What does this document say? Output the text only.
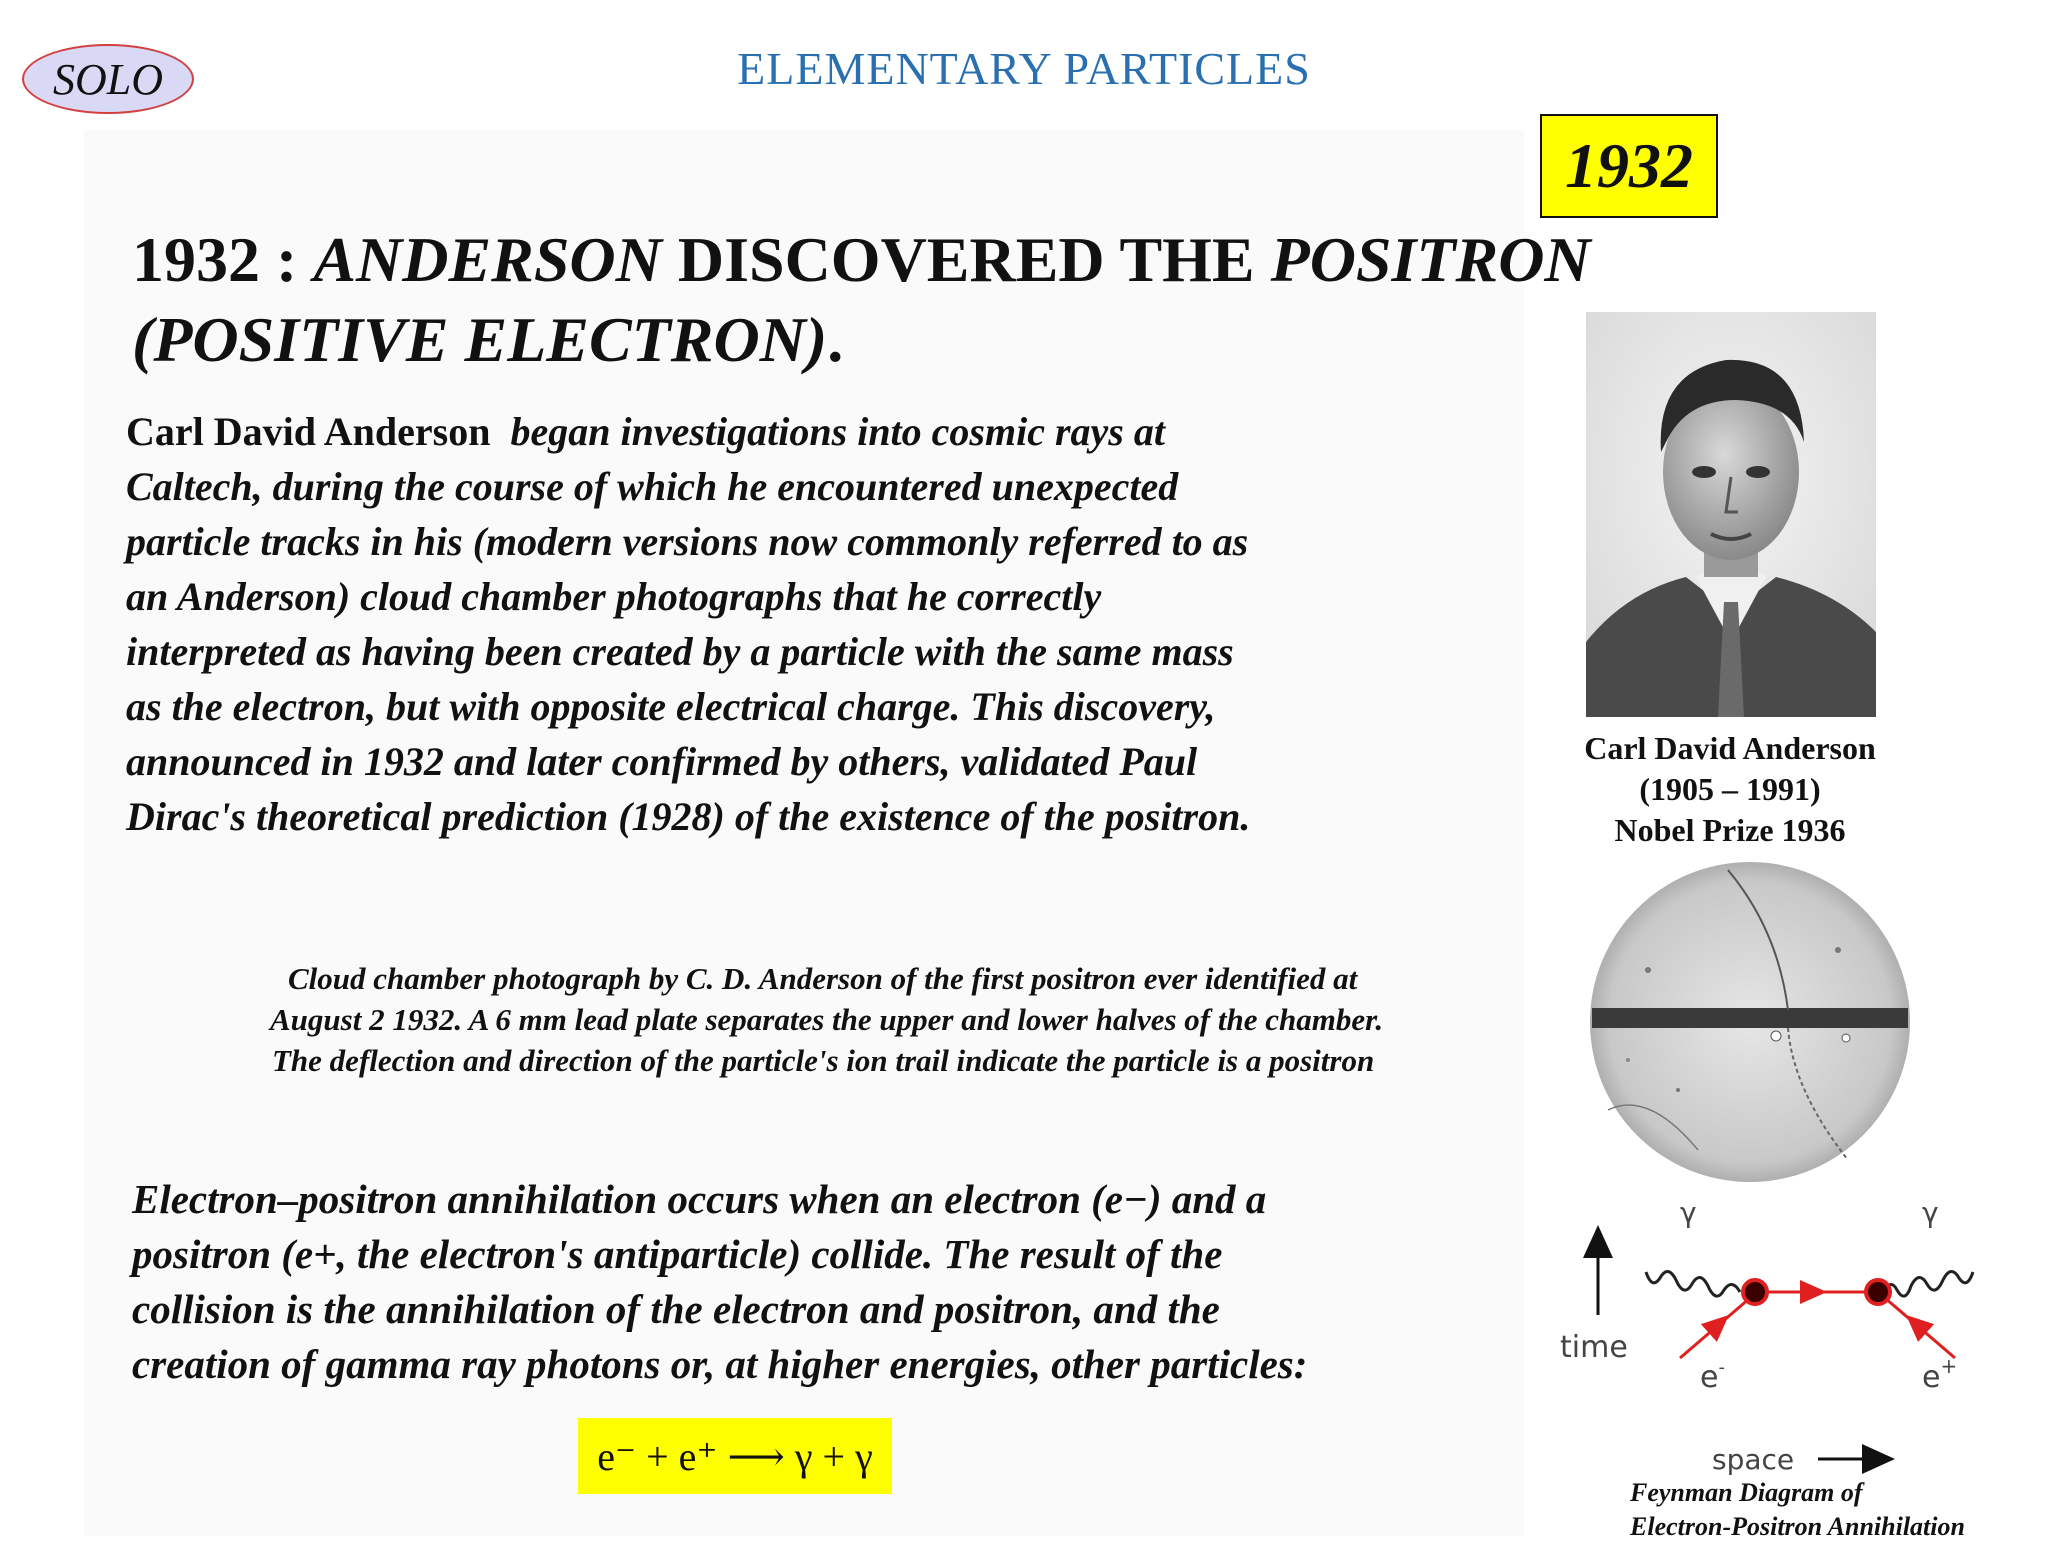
SOLO	ELEMENTARY PARTICLES
1932
1932 : ANDERSON DISCOVERED THE POSITRON
(POSITIVE ELECTRON).
Carl David Anderson  began investigations into cosmic rays at
Caltech, during the course of which he encountered unexpected
particle tracks in his (modern versions now commonly referred to as
an Anderson) cloud chamber photographs that he correctly
interpreted as having been created by a particle with the same mass
as the electron, but with opposite electrical charge. This discovery,
announced in 1932 and later confirmed by others, validated Paul
Dirac's theoretical prediction (1928) of the existence of the positron.
Carl David Anderson
(1905 – 1991)
Nobel Prize 1936
Cloud chamber photograph by C. D. Anderson of the first positron ever identified at
August 2 1932. A 6 mm lead plate separates the upper and lower halves of the chamber.
The deflection and direction of the particle's ion trail indicate the particle is a positron
Electron–positron annihilation occurs when an electron (e−) and a
positron (e+, the electron's antiparticle) collide. The result of the
collision is the annihilation of the electron and positron, and the
creation of gamma ray photons or, at higher energies, other particles:
e⁻ + e⁺ ⟶ γ + γ
γ	γ
time
e-	e+
space
Feynman Diagram of
Electron-Positron Annihilation
